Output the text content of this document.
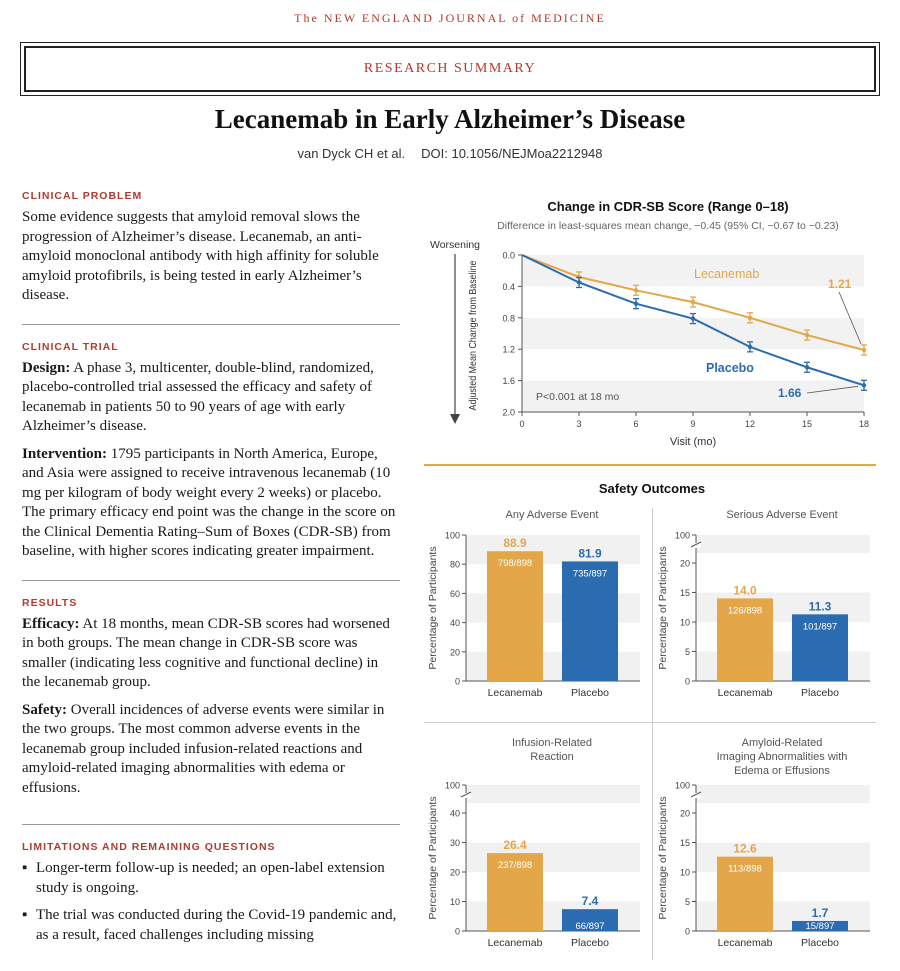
The NEW ENGLAND JOURNAL of MEDICINE
RESEARCH SUMMARY
Lecanemab in Early Alzheimer’s Disease
van Dyck CH et al. DOI: 10.1056/NEJMoa2212948
CLINICAL PROBLEM

Some evidence suggests that amyloid removal slows the progression of Alzheimer’s disease. Lecanemab, an anti-amyloid monoclonal antibody with high affinity for soluble amyloid protofibrils, is being tested in early Alzheimer’s disease.

CLINICAL TRIAL

Design: A phase 3, multicenter, double-blind, randomized, placebo-controlled trial assessed the efficacy and safety of lecanemab in patients 50 to 90 years of age with early Alzheimer’s disease.

Intervention: 1795 participants in North America, Europe, and Asia were assigned to receive intravenous lecanemab (10 mg per kilogram of body weight every 2 weeks) or placebo. The primary efficacy end point was the change in the score on the Clinical Dementia Rating–Sum of Boxes (CDR-SB) from baseline, with higher scores indicating greater impairment.

RESULTS

Efficacy: At 18 months, mean CDR-SB scores had worsened in both groups. The mean change in CDR-SB score was smaller (indicating less cognitive and functional decline) in the lecanemab group.

Safety: Overall incidences of adverse events were similar in the two groups. The most common adverse events in the lecanemab group included infusion-related reactions and amyloid-related imaging abnormalities with edema or effusions.

LIMITATIONS AND REMAINING QUESTIONS
▪ Longer-term follow-up is needed; an open-label extension study is ongoing.
▪ The trial was conducted during the Covid-19 pandemic and, as a result, faced challenges including missing
Change in CDR-SB Score (Range 0–18)
Difference in least-squares mean change, −0.45 (95% CI, −0.67 to −0.23)
0.0
0.4
0.8
1.2
1.6
2.0
0	3	6	9	12	15	18
Visit (mo)
Adjusted Mean Change from Baseline
Worsening
P<0.001 at 18 mo
Lecanemab
Placebo
1.21
1.66
Safety Outcomes
Any Adverse Event
0
20
40
60
80
100
Percentage of Participants
88.9
798/898
Lecanemab
81.9
735/897
Placebo
Serious Adverse Event
0
5
10
15
20
100
Percentage of Participants	14.0
126/898
Lecanemab
11.3
101/897
Placebo
Infusion-Related
Reaction
0
10
20
30
40
100
Percentage of Participants	26.4
237/898
Lecanemab
7.4
66/897
Placebo
Amyloid-Related
Imaging Abnormalities with
Edema or Effusions
0
5
10
15
20
100
Percentage of Participants	12.6
113/898
Lecanemab
1.7
15/897
Placebo
